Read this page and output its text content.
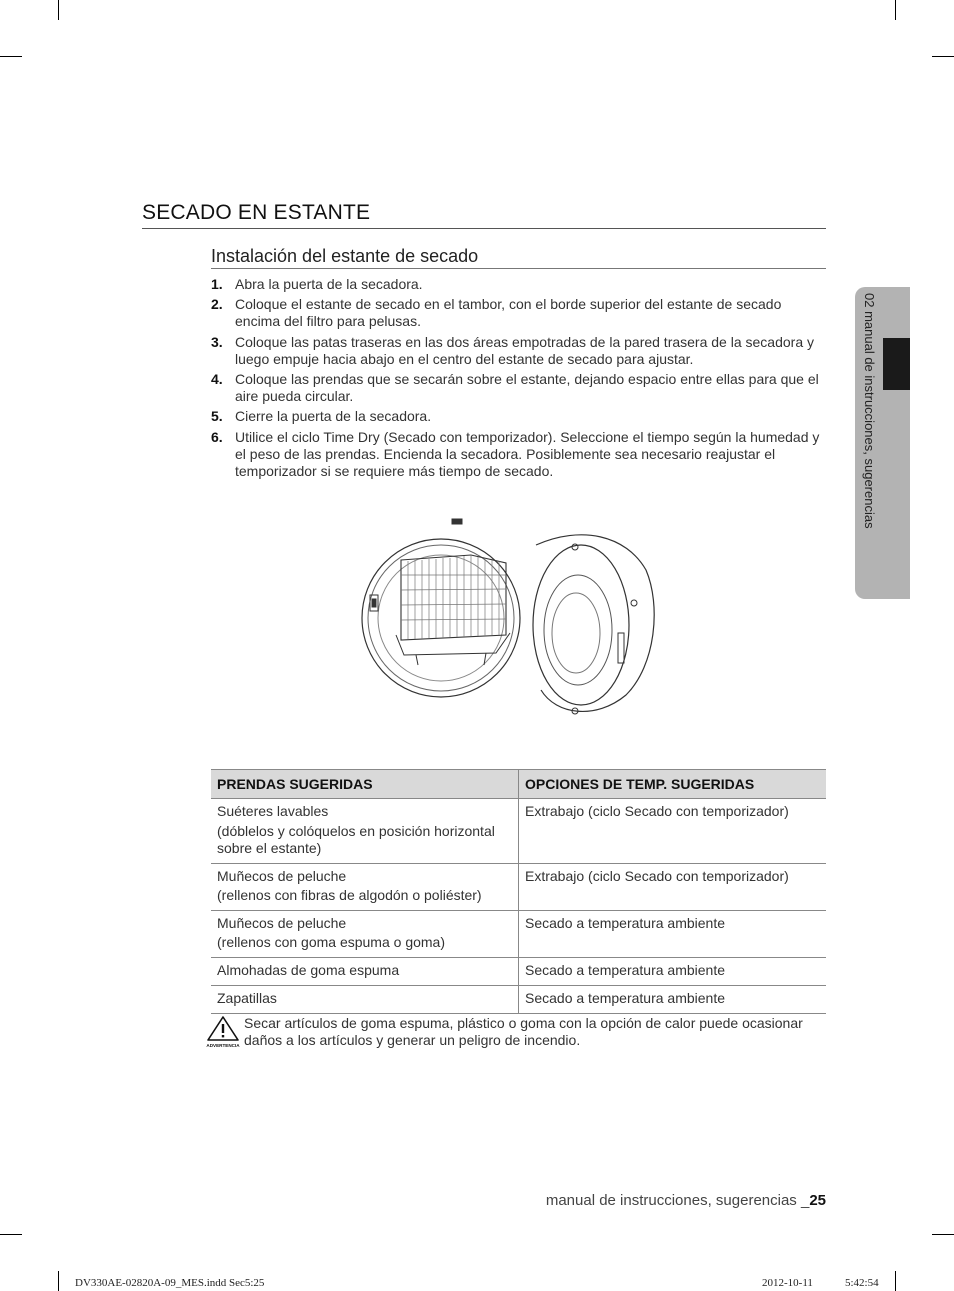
SECADO EN ESTANTE
Instalación del estante de secado
1. Abra la puerta de la secadora.
2. Coloque el estante de secado en el tambor, con el borde superior del estante de secado encima del filtro para pelusas.
3. Coloque las patas traseras en las dos áreas empotradas de la pared trasera de la secadora y luego empuje hacia abajo en el centro del estante de secado para ajustar.
4. Coloque las prendas que se secarán sobre el estante, dejando espacio entre ellas para que el aire pueda circular.
5. Cierre la puerta de la secadora.
6. Utilice el ciclo Time Dry (Secado con temporizador). Seleccione el tiempo según la humedad y el peso de las prendas. Encienda la secadora. Posiblemente sea necesario reajustar el temporizador si se requiere más tiempo de secado.
PRENDAS SUGERIDAS	OPCIONES DE TEMP. SUGERIDAS

Suéteres lavables
(dóblelos y colóquelos en posición horizontal sobre el estante)	Extrabajo (ciclo Secado con temporizador)

Muñecos de peluche
(rellenos con fibras de algodón o poliéster)	Extrabajo (ciclo Secado con temporizador)

Muñecos de peluche
(rellenos con goma espuma o goma)	Secado a temperatura ambiente
Almohadas de goma espuma	Secado a temperatura ambiente
Zapatillas	Secado a temperatura ambiente
ADVERTENCIA
Secar artículos de goma espuma, plástico o goma con la opción de calor puede ocasionar daños a los artículos y generar un peligro de incendio.
02 manual de instrucciones, sugerencias
manual de instrucciones, sugerencias _25
DV330AE-02820A-09_MES.indd Sec5:25	2012-10-11	5:42:54
